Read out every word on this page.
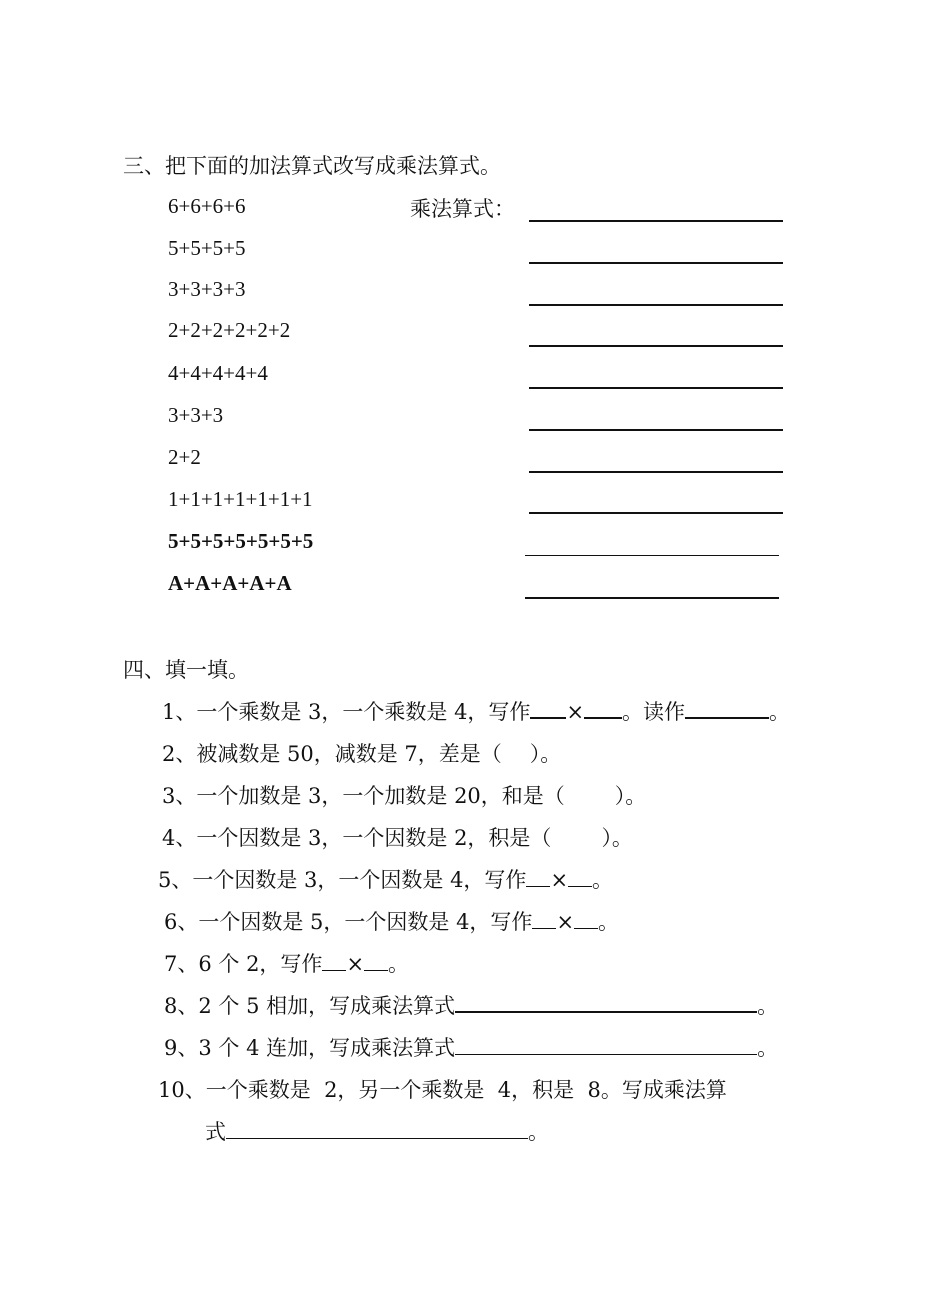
三、把下面的加法算式改写成乘法算式。
乘法算式：
6+6+6+6
5+5+5+5
3+3+3+3
2+2+2+2+2+2
4+4+4+4+4
3+3+3
2+2
1+1+1+1+1+1+1
5+5+5+5+5+5+5
A+A+A+A+A
四、填一填。
1、一个乘数是 3，一个乘数是 4，写作 × 。读作	。
2、被减数是 50，减数是 7，差是（ ）。
3、一个加数是 3，一个加数是 20，和是（ ）。
4、一个因数是 3，一个因数是 2，积是（ ）。
5、一个因数是 3，一个因数是 4，写作 × 。
6、一个因数是 5，一个因数是 4，写作 × 。
7、6 个 2，写作 × 。
8、2 个 5 相加，写成乘法算式	。
9、3 个 4 连加，写成乘法算式	。
10、一个乘数是  2，另一个乘数是  4，积是  8。写成乘法算
式	。
